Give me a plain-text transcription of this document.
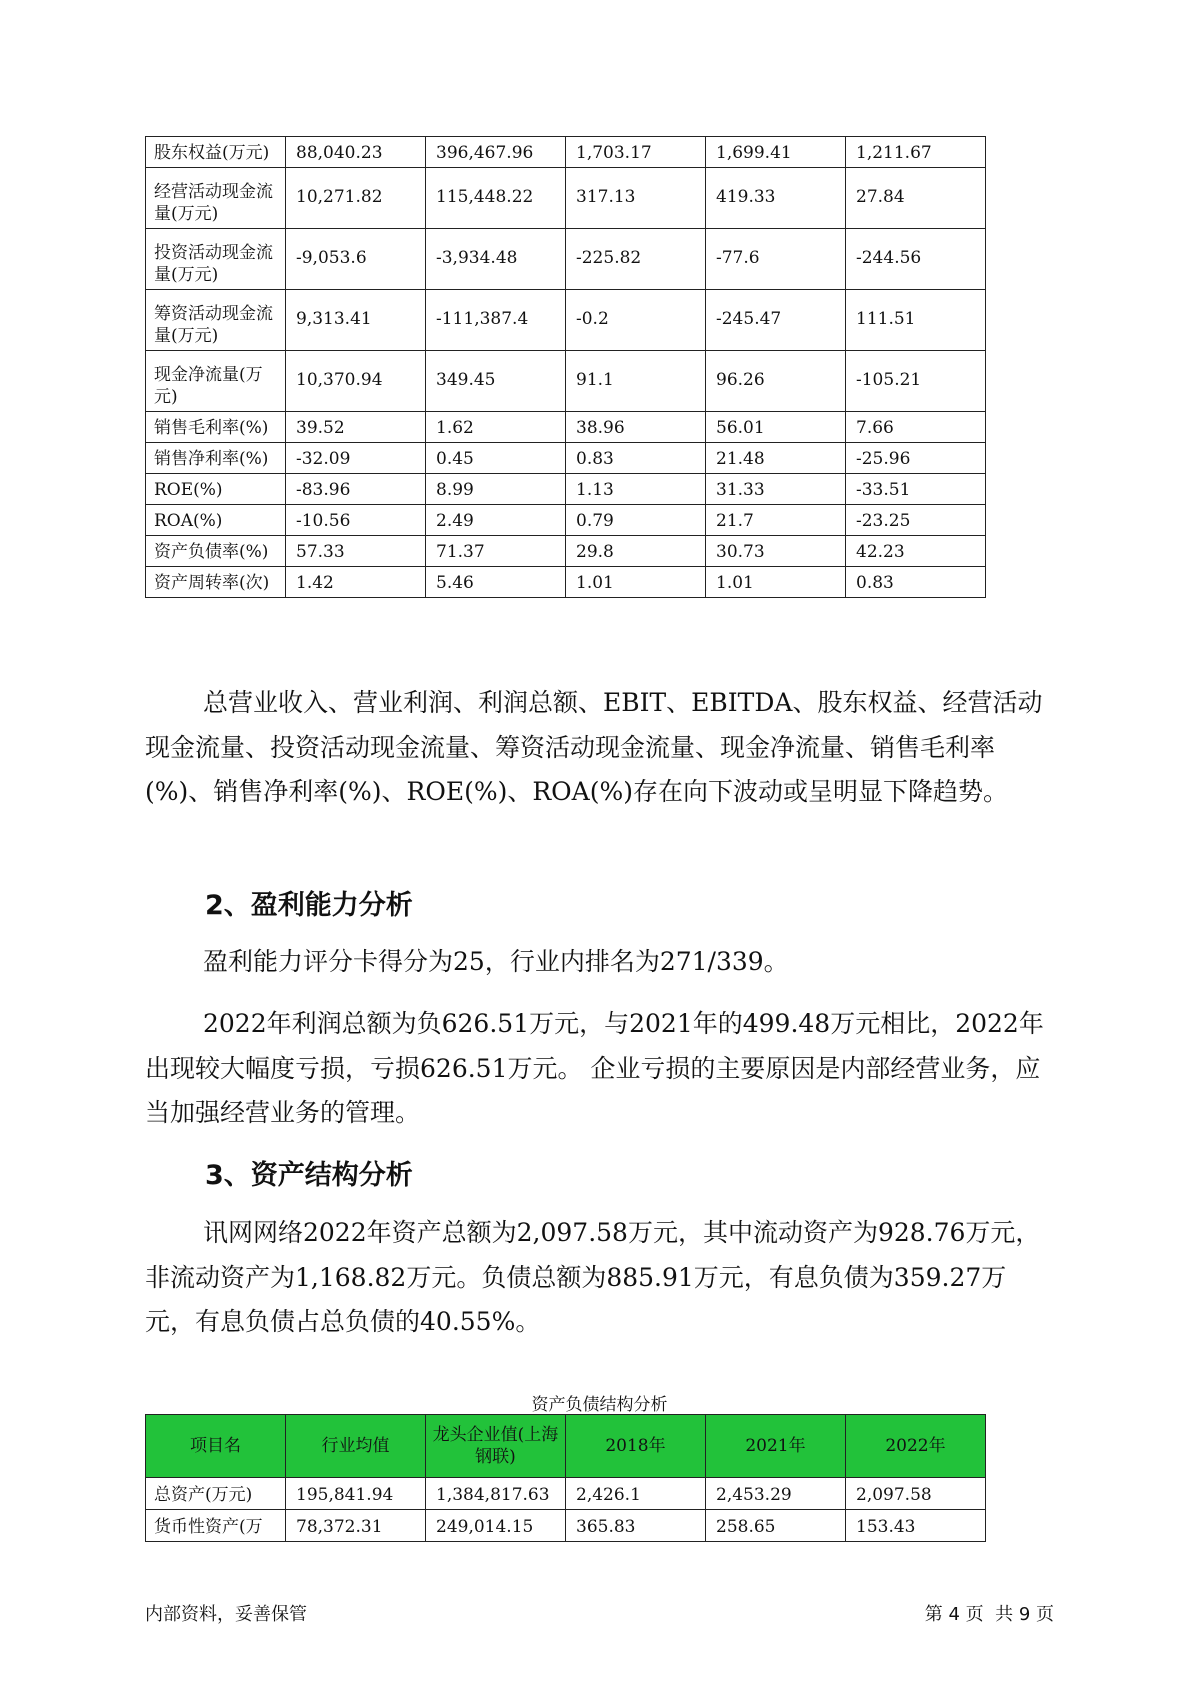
股东权益(万元)	88,040.23	396,467.96	1,703.17	1,699.41	1,211.67
经营活动现金流量(万元)	10,271.82	115,448.22	317.13	419.33	27.84
投资活动现金流量(万元)	-9,053.6	-3,934.48	-225.82	-77.6	-244.56
筹资活动现金流量(万元)	9,313.41	-111,387.4	-0.2	-245.47	111.51
现金净流量(万元)	10,370.94	349.45	91.1	96.26	-105.21
销售毛利率(%)	39.52	1.62	38.96	56.01	7.66
销售净利率(%)	-32.09	0.45	0.83	21.48	-25.96
ROE(%)	-83.96	8.99	1.13	31.33	-33.51
ROA(%)	-10.56	2.49	0.79	21.7	-23.25
资产负债率(%)	57.33	71.37	29.8	30.73	42.23
资产周转率(次)	1.42	5.46	1.01	1.01	0.83

总营业收入、营业利润、利润总额、EBIT、EBITDA、股东权益、经营活动现金流量、投资活动现金流量、筹资活动现金流量、现金净流量、销售毛利率(%)、销售净利率(%)、ROE(%)、ROA(%)存在向下波动或呈明显下降趋势。

2、盈利能力分析

盈利能力评分卡得分为25，行业内排名为271/339。

2022年利润总额为负626.51万元，与2021年的499.48万元相比，2022年出现较大幅度亏损，亏损626.51万元。 企业亏损的主要原因是内部经营业务，应当加强经营业务的管理。

3、资产结构分析

讯网网络2022年资产总额为2,097.58万元，其中流动资产为928.76万元，非流动资产为1,168.82万元。负债总额为885.91万元，有息负债为359.27万元，有息负债占总负债的40.55%。

资产负债结构分析

项目名	行业均值	龙头企业值(上海钢联)	2018年	2021年	2022年
总资产(万元)	195,841.94	1,384,817.63	2,426.1	2,453.29	2,097.58
货币性资产(万	78,372.31	249,014.15	365.83	258.65	153.43
内部资料，妥善保管	第 4 页  共 9 页
